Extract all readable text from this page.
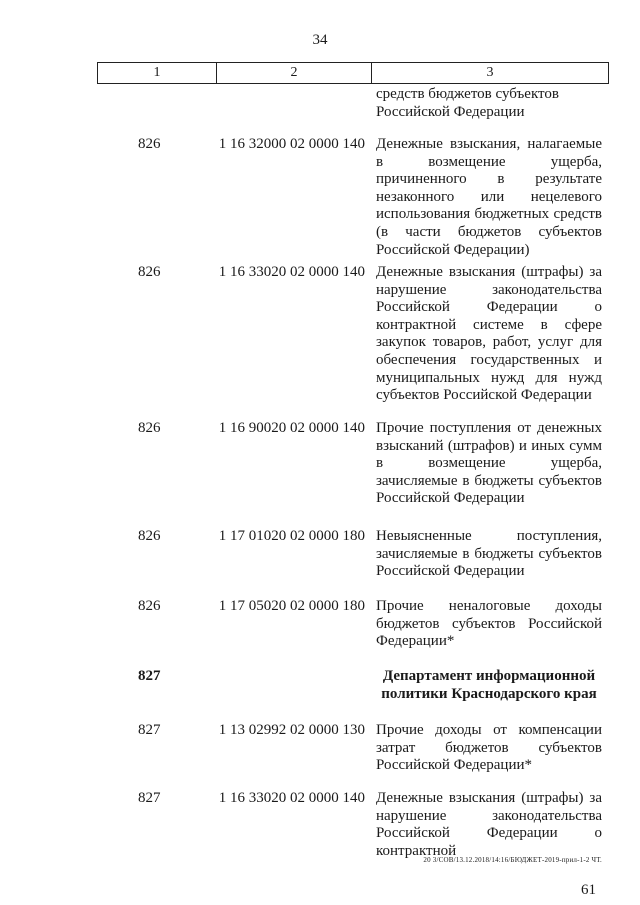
34
1	2	3
средств бюджетов субъектов Российской Федерации
826	1 16 32000 02 0000 140 Денежные взыскания, налагаемые в возмещение ущерба, причиненного в результате незаконного или нецелевого использования бюджетных средств (в части бюджетов субъектов Российской Федерации)
826	1 16 33020 02 0000 140 Денежные взыскания (штрафы) за нарушение законодательства Российской Федерации о контрактной системе в сфере закупок товаров, работ, услуг для обеспечения государственных и муниципальных нужд для нужд субъектов Российской Федерации
826	1 16 90020 02 0000 140 Прочие поступления от денежных взысканий (штрафов) и иных сумм в возмещение ущерба, зачисляемые в бюджеты субъектов Российской Федерации
826	1 17 01020 02 0000 180 Невыясненные поступления, зачисляемые в бюджеты субъектов Российской Федерации
826	1 17 05020 02 0000 180 Прочие неналоговые доходы бюджетов субъектов Российской Федерации*
827	Департамент информационной политики Краснодарского края
827	1 13 02992 02 0000 130 Прочие доходы от компенсации затрат бюджетов субъектов Российской Федерации*
827	1 16 33020 02 0000 140 Денежные взыскания (штрафы) за нарушение законодательства Российской Федерации о контрактной
20 3/СОВ/13.12.2018/14:16/БЮДЖЕТ-2019-прил-1-2 ЧТ.
61
